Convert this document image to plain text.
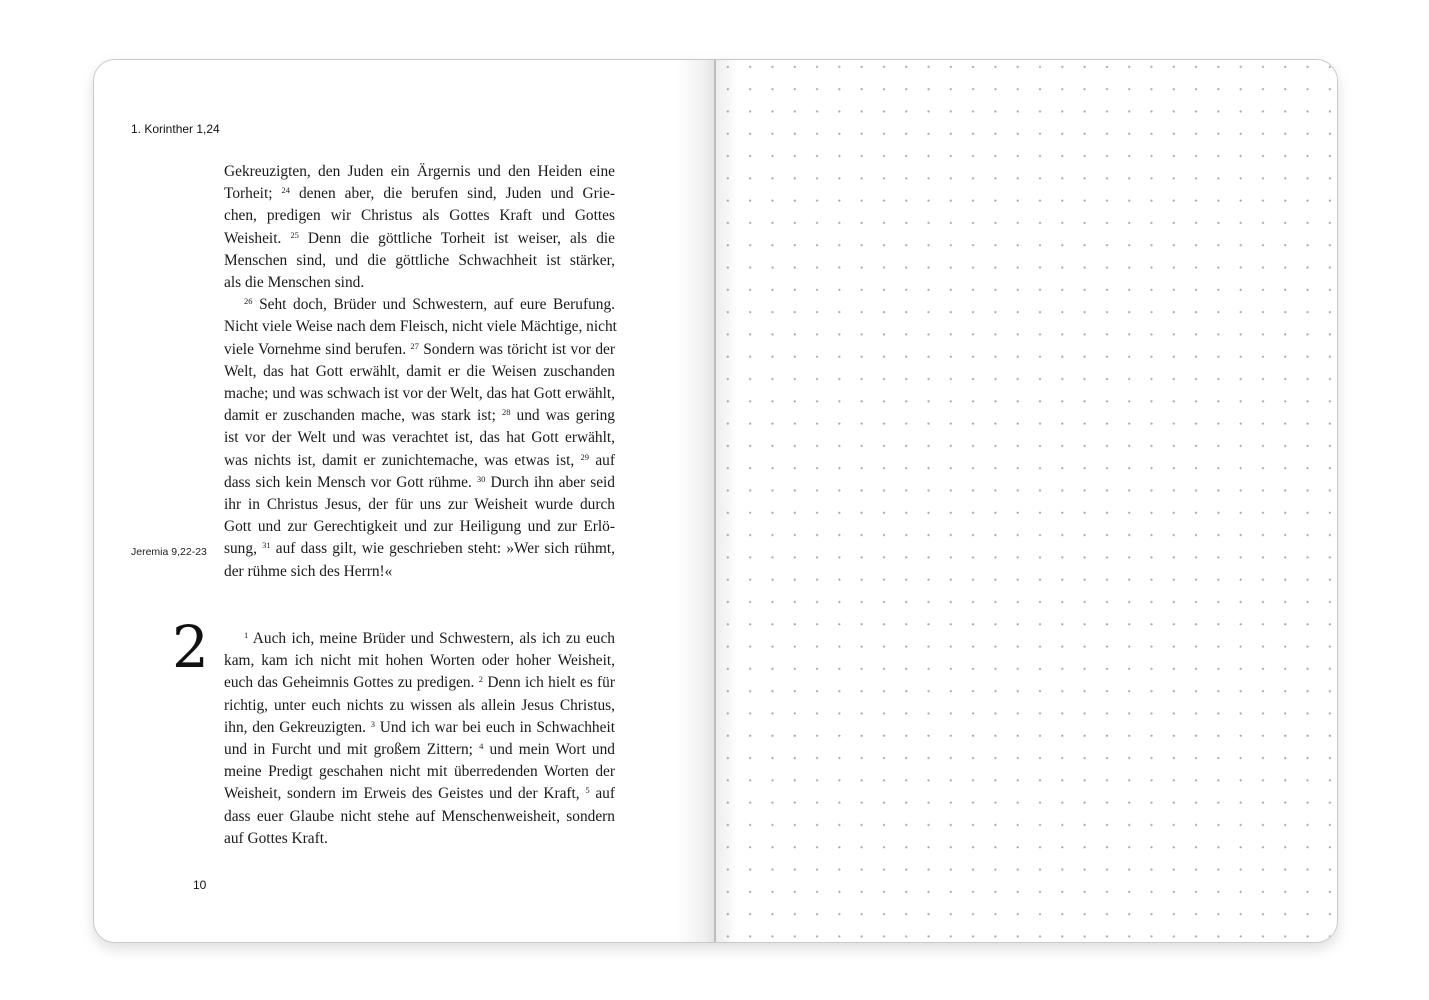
1. Korinther 1,24
Gekreuzigten, den Juden ein Ärgernis und den Heiden eine
Torheit; $^{24}$ denen aber, die berufen sind, Juden und Grie-
chen, predigen wir Christus als Gottes Kraft und Gottes
Weisheit. $^{25}$ Denn die göttliche Torheit ist weiser, als die
Menschen sind, und die göttliche Schwachheit ist stärker,
als die Menschen sind.
$^{26}$ Seht doch, Brüder und Schwestern, auf eure Berufung.
Nicht viele Weise nach dem Fleisch, nicht viele Mächtige, nicht
viele Vornehme sind berufen. $^{27}$ Sondern was töricht ist vor der
Welt, das hat Gott erwählt, damit er die Weisen zuschanden
mache; und was schwach ist vor der Welt, das hat Gott erwählt,
damit er zuschanden mache, was stark ist; $^{28}$ und was gering
ist vor der Welt und was verachtet ist, das hat Gott erwählt,
was nichts ist, damit er zunichtemache, was etwas ist, $^{29}$ auf
dass sich kein Mensch vor Gott rühme. $^{30}$ Durch ihn aber seid
ihr in Christus Jesus, der für uns zur Weisheit wurde durch
Gott und zur Gerechtigkeit und zur Heiligung und zur Erlö-
sung, $^{31}$ auf dass gilt, wie geschrieben steht: »Wer sich rühmt,
der rühme sich des Herrn!«
Jeremia 9,22-23
2	$^1$ Auch ich, meine Brüder und Schwestern, als ich zu euch
kam, kam ich nicht mit hohen Worten oder hoher Weisheit,
euch das Geheimnis Gottes zu predigen. $^2$ Denn ich hielt es für
richtig, unter euch nichts zu wissen als allein Jesus Christus,
ihn, den Gekreuzigten. $^3$ Und ich war bei euch in Schwachheit
und in Furcht und mit großem Zittern; $^4$ und mein Wort und
meine Predigt geschahen nicht mit überredenden Worten der
Weisheit, sondern im Erweis des Geistes und der Kraft, $^5$ auf
dass euer Glaube nicht stehe auf Menschenweisheit, sondern
auf Gottes Kraft.
10
